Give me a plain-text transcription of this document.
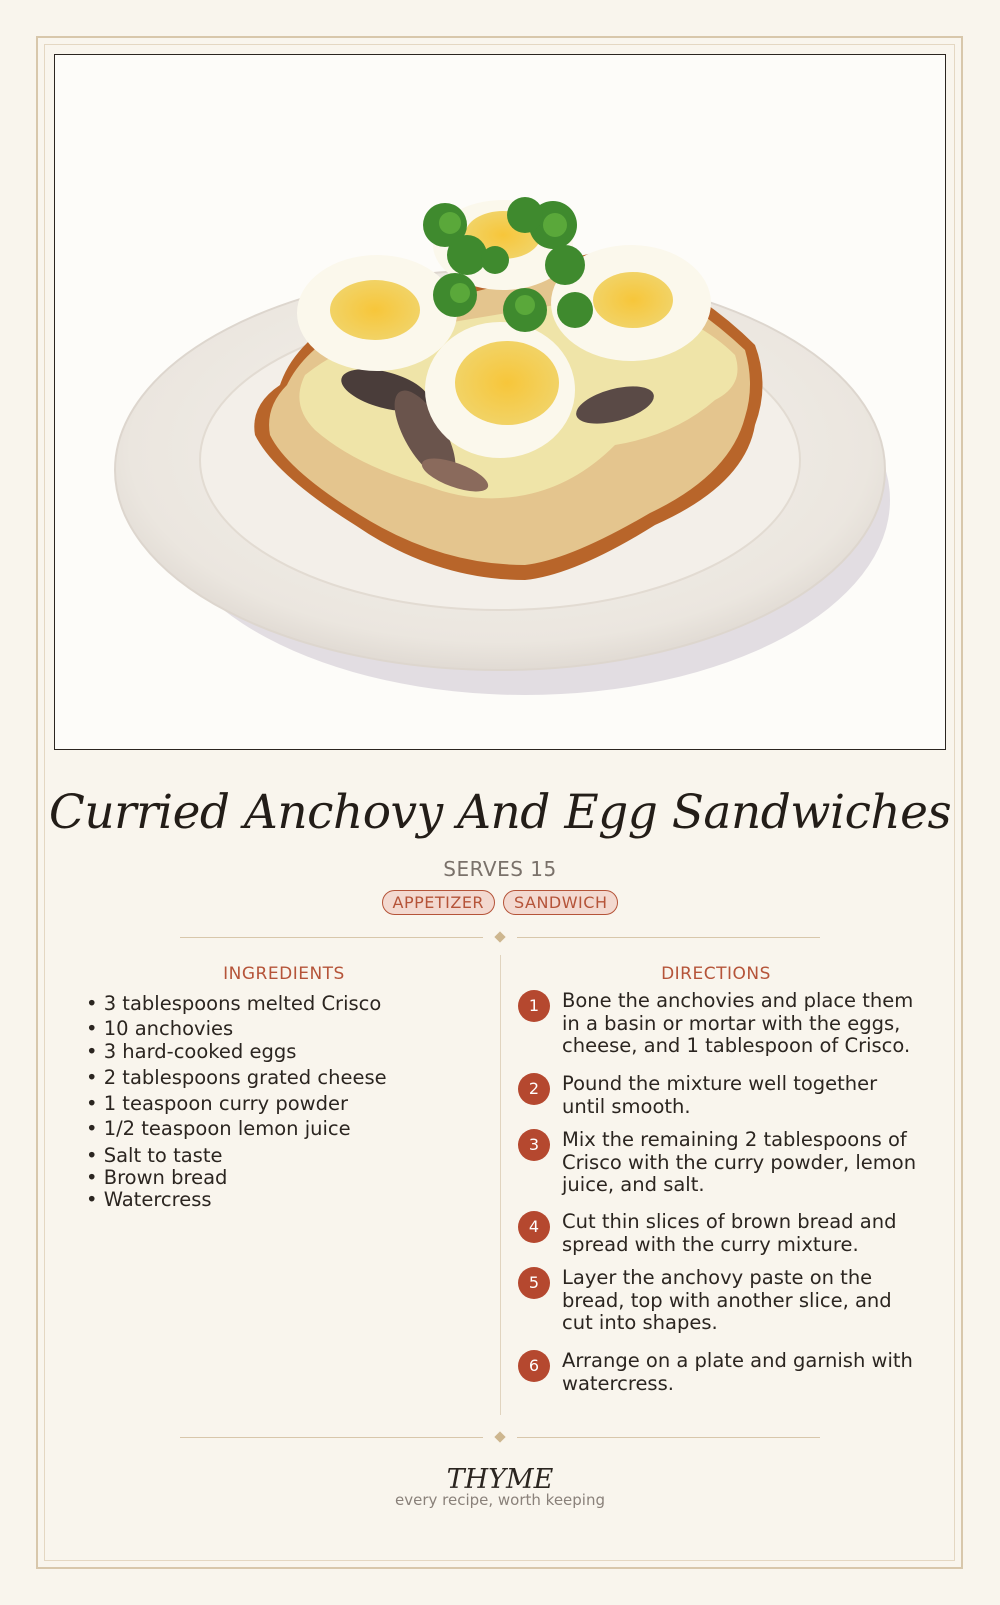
Curried Anchovy And Egg Sandwiches
SERVES 15
APPETIZER	SANDWICH
INGREDIENTS
• 3 tablespoons melted Crisco
• 10 anchovies
• 3 hard-cooked eggs
• 2 tablespoons grated cheese
• 1 teaspoon curry powder
• 1/2 teaspoon lemon juice
• Salt to taste
• Brown bread
• Watercress
DIRECTIONS
1	Bone the anchovies and place them in a basin or mortar with the eggs, cheese, and 1 tablespoon of Crisco.
2	Pound the mixture well together until smooth.
3	Mix the remaining 2 tablespoons of Crisco with the curry powder, lemon juice, and salt.
4	Cut thin slices of brown bread and spread with the curry mixture.
5	Layer the anchovy paste on the bread, top with another slice, and cut into shapes.
6	Arrange on a plate and garnish with watercress.
THYME
every recipe, worth keeping
